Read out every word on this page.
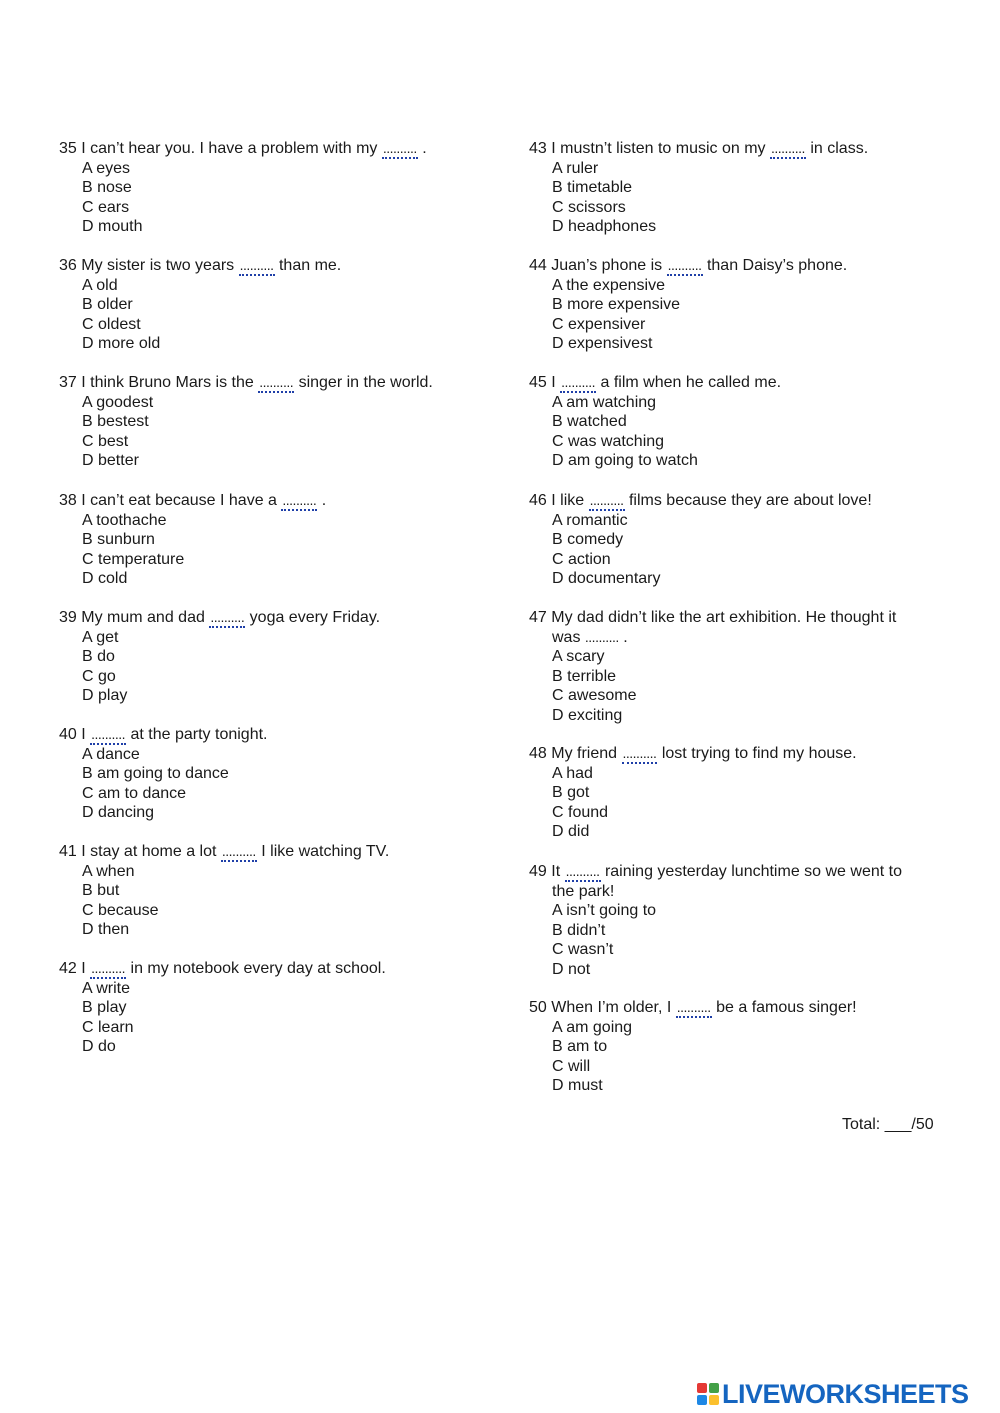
35 I can’t hear you. I have a problem with my .......... .
A eyes
B nose
C ears
D mouth
36 My sister is two years .......... than me.
A old
B older
C oldest
D more old
37 I think Bruno Mars is the .......... singer in the world.
A goodest
B bestest
C best
D better
38 I can’t eat because I have a .......... .
A toothache
B sunburn
C temperature
D cold
39 My mum and dad .......... yoga every Friday.
A get
B do
C go
D play
40 I .......... at the party tonight.
A dance
B am going to dance
C am to dance
D dancing
41 I stay at home a lot .......... I like watching TV.
A when
B but
C because
D then
42 I .......... in my notebook every day at school.
A write
B play
C learn
D do
43 I mustn’t listen to music on my .......... in class.
A ruler
B timetable
C scissors
D headphones
44 Juan’s phone is .......... than Daisy’s phone.
A the expensive
B more expensive
C expensiver
D expensivest
45 I .......... a film when he called me.
A am watching
B watched
C was watching
D am going to watch
46 I like .......... films because they are about love!
A romantic
B comedy
C action
D documentary
47 My dad didn’t like the art exhibition. He thought it
was .......... .
A scary
B terrible
C awesome
D exciting
48 My friend .......... lost trying to find my house.
A had
B got
C found
D did
49 It .......... raining yesterday lunchtime so we went to
the park!
A isn’t going to
B didn’t
C wasn’t
D not
50 When I’m older, I .......... be a famous singer!
A am going
B am to
C will
D must
Total: ___/50
LIVEWORKSHEETS
